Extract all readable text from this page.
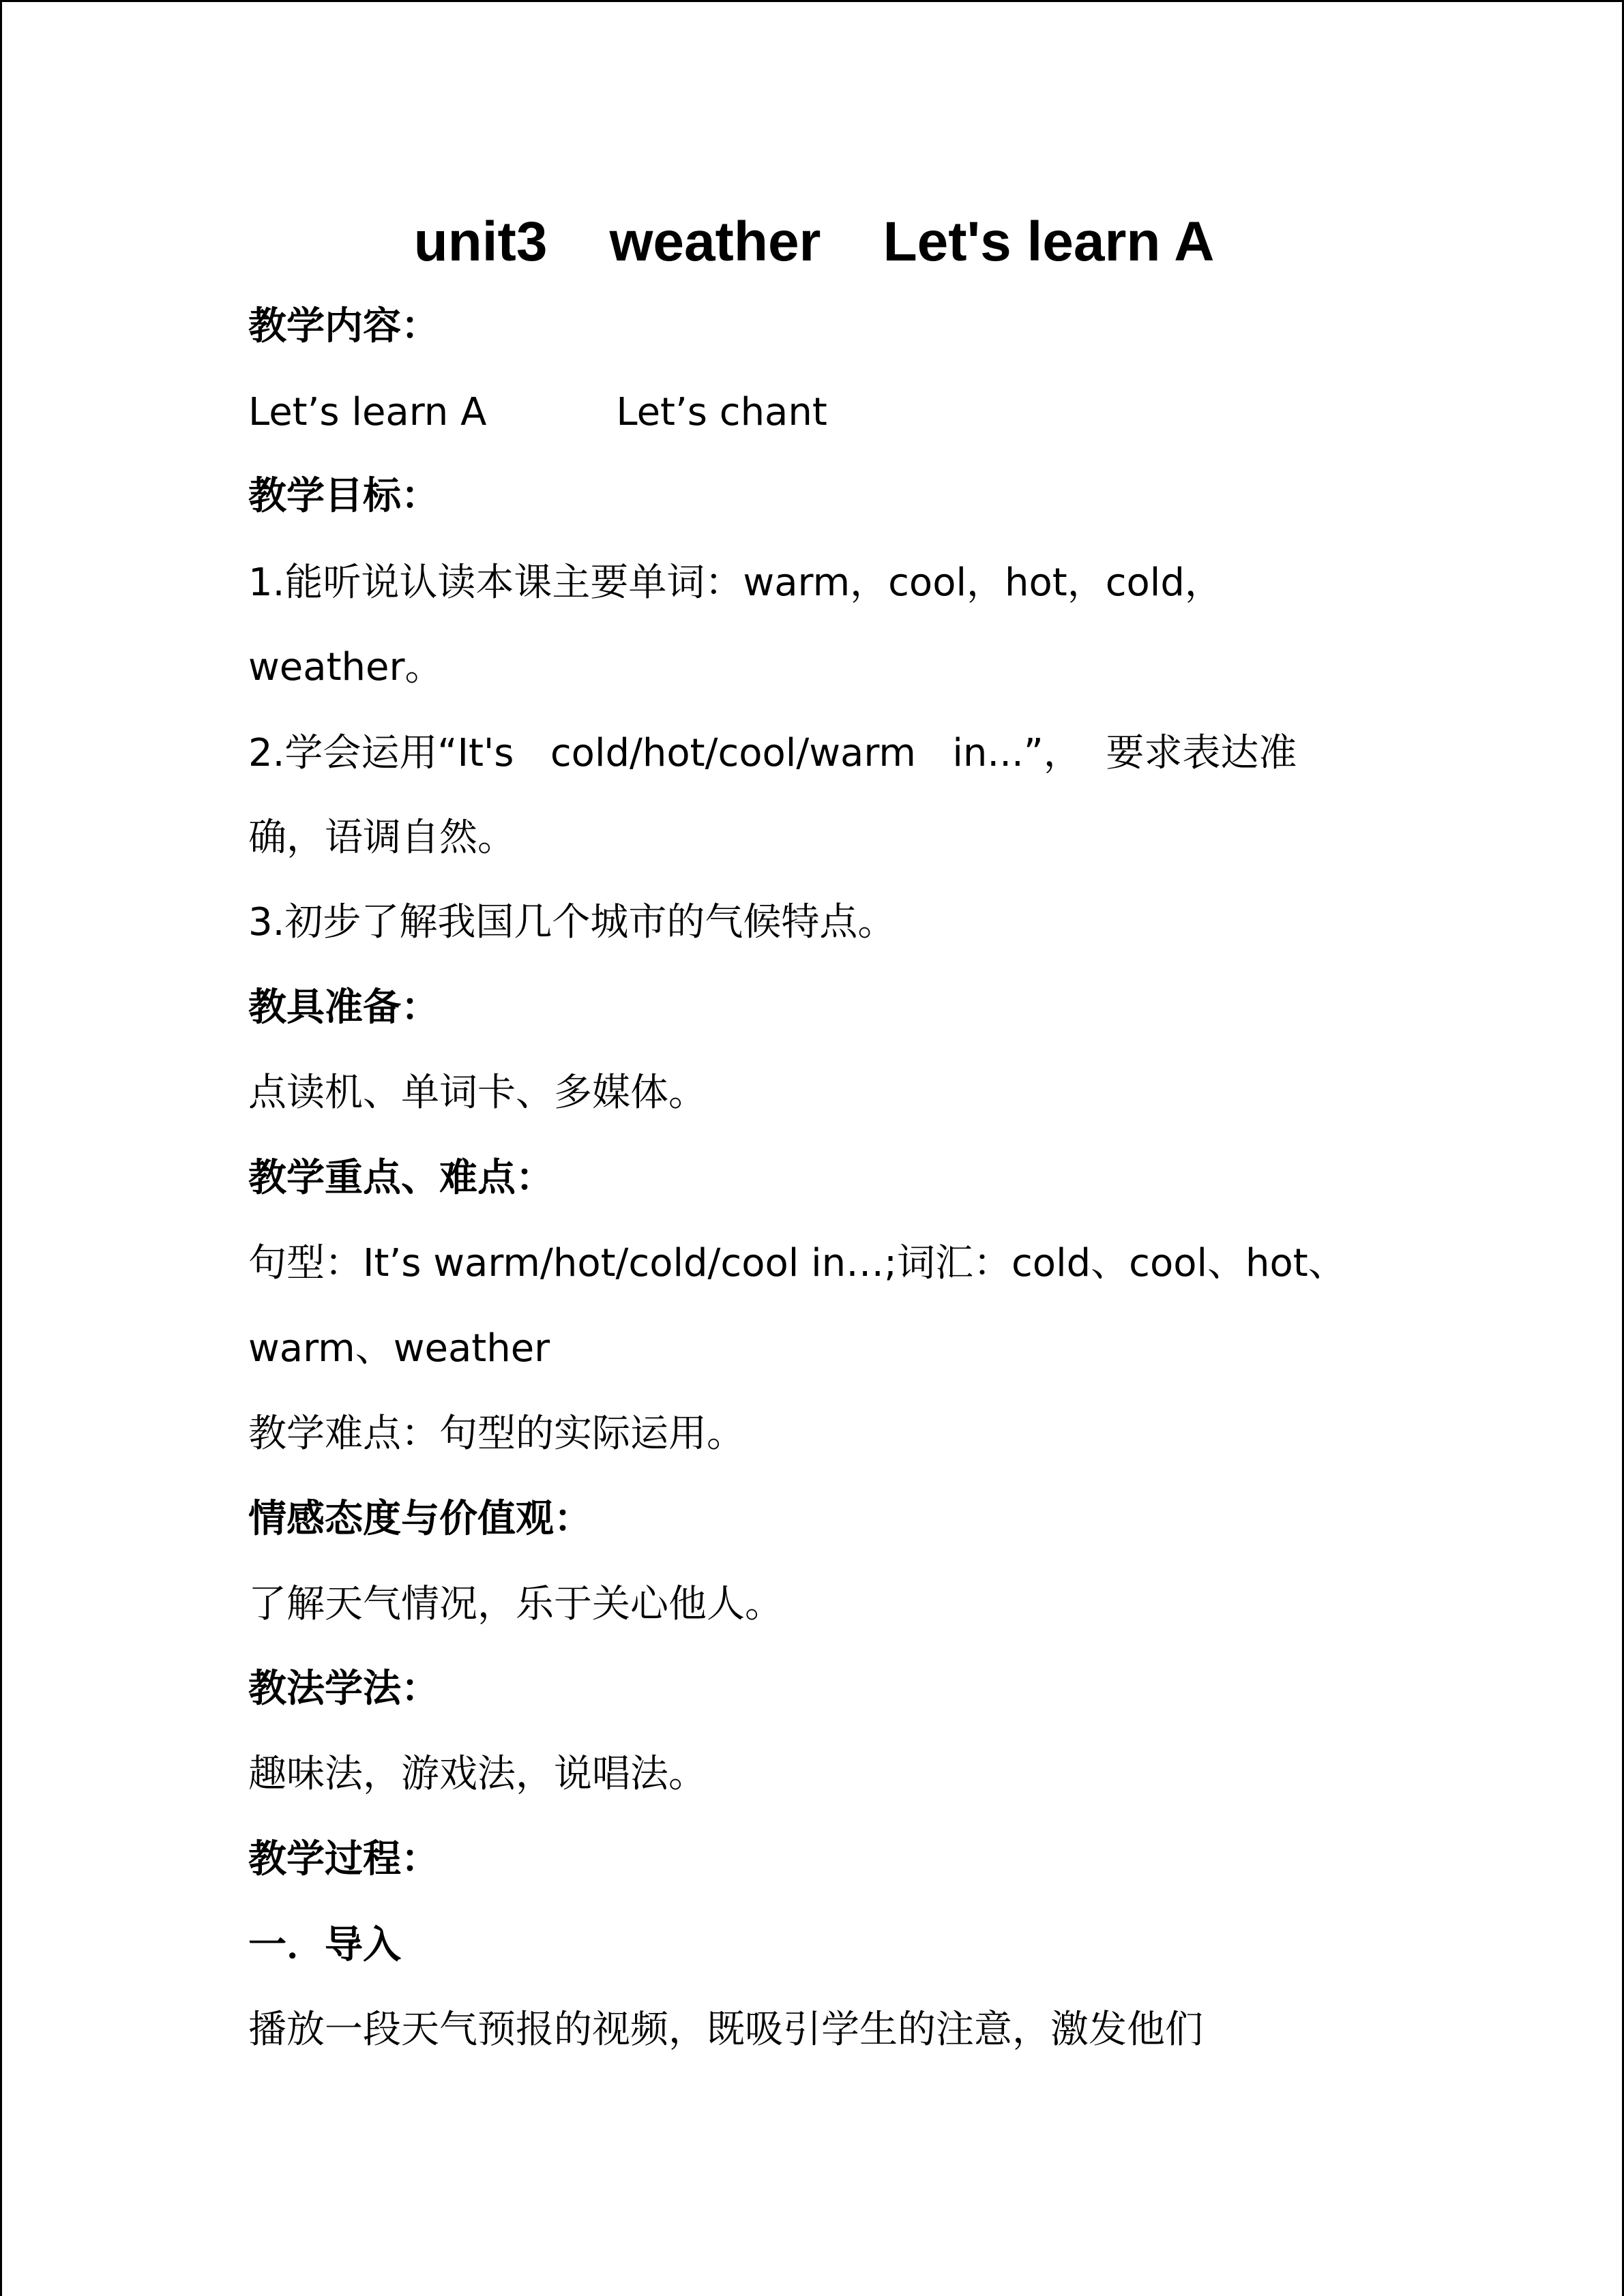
unit3    weather    Let's learn A
教学内容：
Let’s learn A	Let’s chant
教学目标：
1.能听说认读本课主要单词：warm，cool，hot，cold，
weather。
2.学会运用“It's   cold/hot/cool/warm   in...”，  要求表达准
确，语调自然。
3.初步了解我国几个城市的气候特点。
教具准备：
点读机、单词卡、多媒体。
教学重点、难点：
句型：It’s warm/hot/cold/cool in…;词汇：cold、cool、hot、
warm、weather
教学难点：句型的实际运用。
情感态度与价值观：
了解天气情况，乐于关心他人。
教法学法：
趣味法，游戏法，说唱法。
教学过程：
一．导入
播放一段天气预报的视频，既吸引学生的注意，激发他们
